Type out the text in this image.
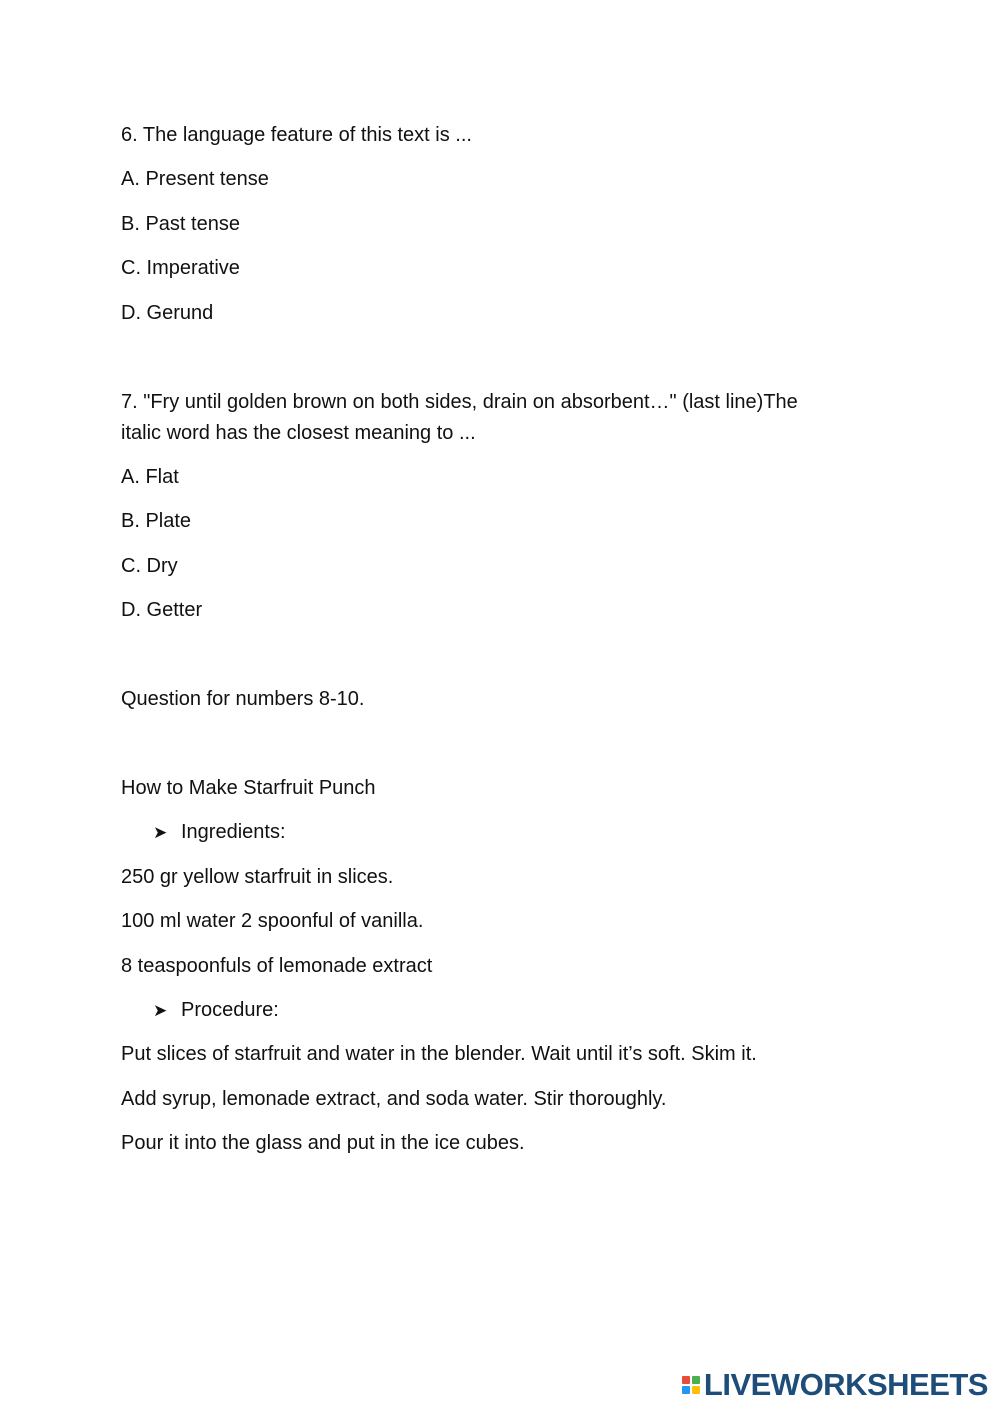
6. The language feature of this text is ...
A. Present tense
B. Past tense
C. Imperative
D. Gerund
7. "Fry until golden brown on both sides, drain on absorbent…" (last line)The
italic word has the closest meaning to ...
A. Flat
B. Plate
C. Dry
D. Getter
Question for numbers 8-10.
How to Make Starfruit Punch
➤ Ingredients:
250 gr yellow starfruit in slices.
100 ml water 2 spoonful of vanilla.
8 teaspoonfuls of lemonade extract
➤ Procedure:
Put slices of starfruit and water in the blender. Wait until it’s soft. Skim it.
Add syrup, lemonade extract, and soda water. Stir thoroughly.
Pour it into the glass and put in the ice cubes.
LIVEWORKSHEETS
